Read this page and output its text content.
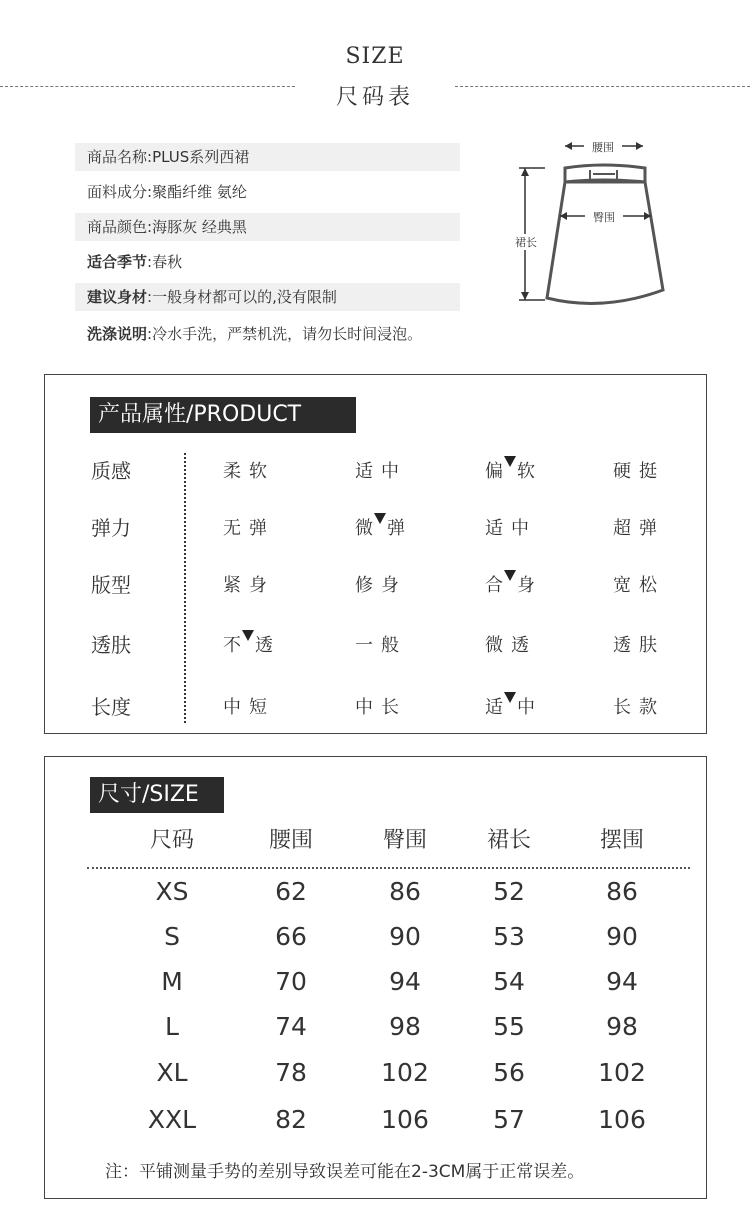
SIZE
尺码表
商品名称:PLUS系列西裙
面料成分:聚酯纤维 氨纶
商品颜色:海豚灰 经典黑
适合季节:春秋
建议身材:一般身材都可以的,没有限制
洗涤说明:冷水手洗，严禁机洗，请勿长时间浸泡。
腰围
臀围
裙长
产品属性/PRODUCT
质感	柔软	适中	偏 软	硬挺
弹力	无弹	微 弹	适中	超弹
版型	紧身	修身	合 身	宽松
透肤	不 透	一般	微透	透肤
长度	中短	中长	适 中	长款
尺寸/SIZE
尺码	腰围	臀围	裙长	摆围
XS	62	86	52	86
S	66	90	53	90
M	70	94	54	94
L	74	98	55	98
XL	78	102	56	102
XXL	82	106	57	106
注：平铺测量手势的差别导致误差可能在2-3CM属于正常误差。
